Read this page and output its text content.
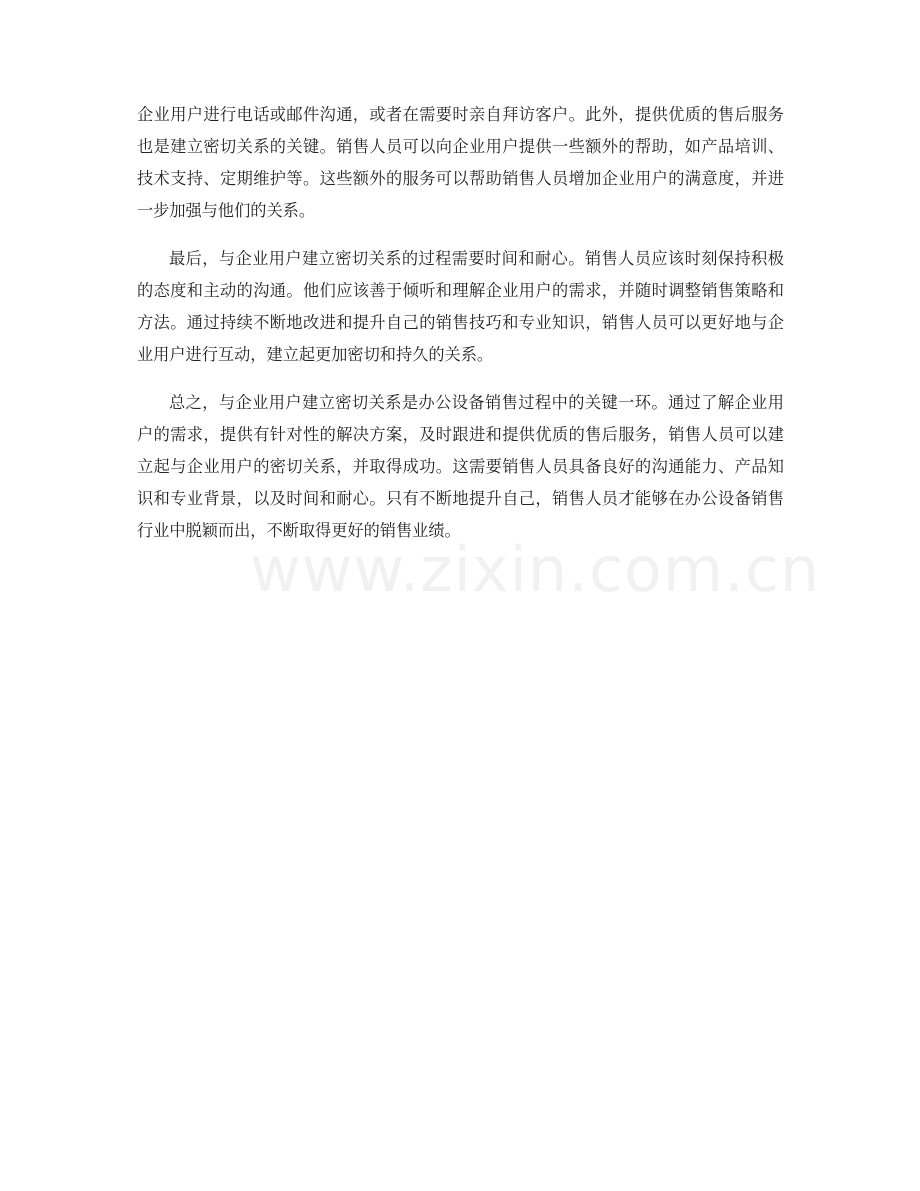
企业用户进行电话或邮件沟通，或者在需要时亲自拜访客户。此外，提供优质的售后服务也是建立密切关系的关键。销售人员可以向企业用户提供一些额外的帮助，如产品培训、技术支持、定期维护等。这些额外的服务可以帮助销售人员增加企业用户的满意度，并进一步加强与他们的关系。

最后，与企业用户建立密切关系的过程需要时间和耐心。销售人员应该时刻保持积极的态度和主动的沟通。他们应该善于倾听和理解企业用户的需求，并随时调整销售策略和方法。通过持续不断地改进和提升自己的销售技巧和专业知识，销售人员可以更好地与企业用户进行互动，建立起更加密切和持久的关系。

总之，与企业用户建立密切关系是办公设备销售过程中的关键一环。通过了解企业用户的需求，提供有针对性的解决方案，及时跟进和提供优质的售后服务，销售人员可以建立起与企业用户的密切关系，并取得成功。这需要销售人员具备良好的沟通能力、产品知识和专业背景，以及时间和耐心。只有不断地提升自己，销售人员才能够在办公设备销售行业中脱颖而出，不断取得更好的销售业绩。

www.zixin.com.cn
